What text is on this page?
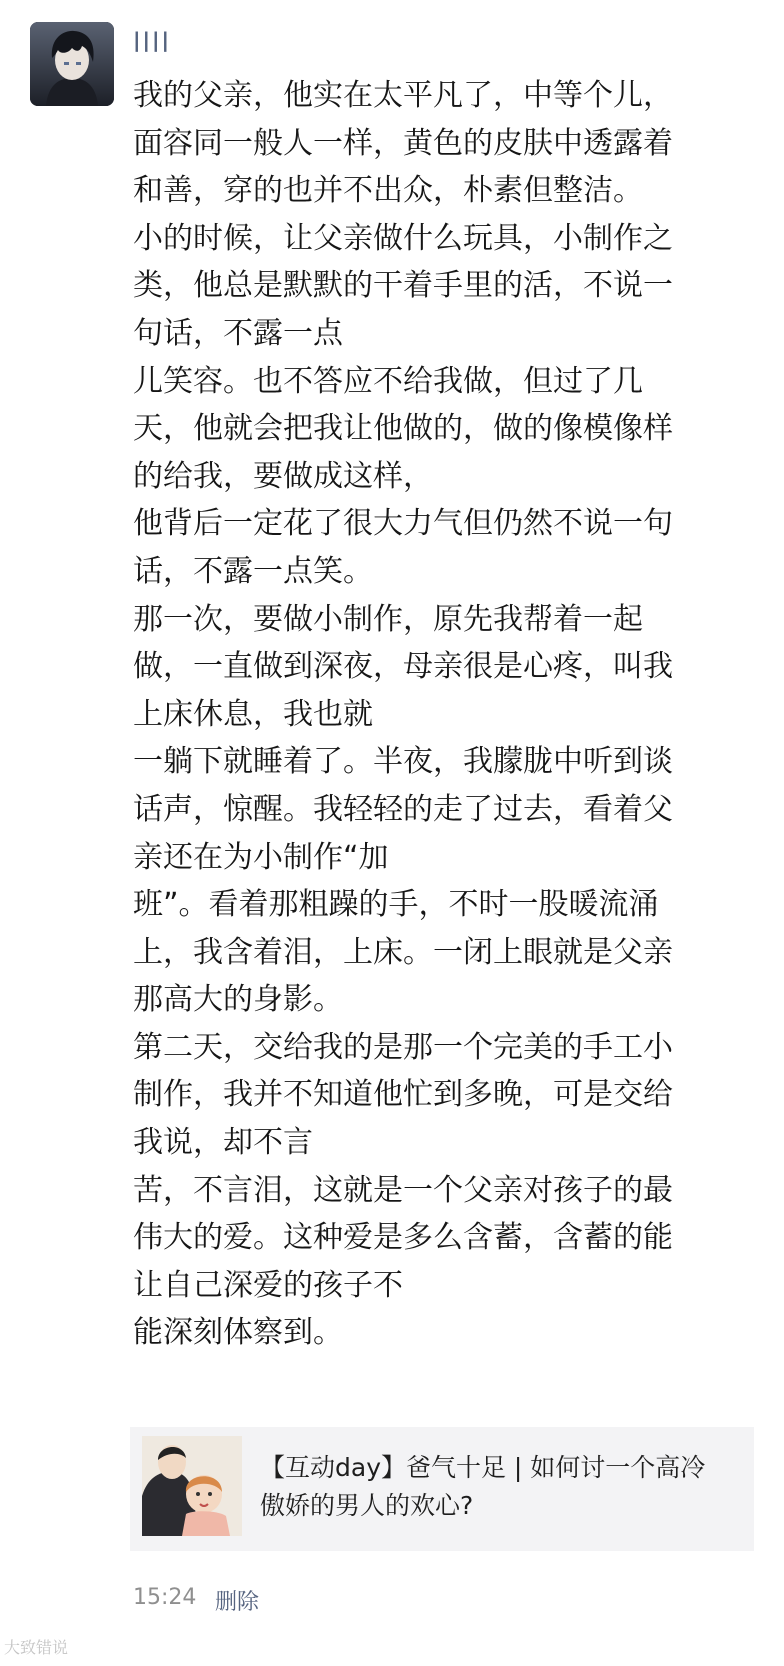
llll
我的父亲，他实在太平凡了，中等个儿，
面容同一般人一样，黄色的皮肤中透露着
和善，穿的也并不出众，朴素但整洁。
小的时候，让父亲做什么玩具，小制作之
类，他总是默默的干着手里的活，不说一
句话，不露一点
儿笑容。也不答应不给我做，但过了几
天，他就会把我让他做的，做的像模像样
的给我，要做成这样，
他背后一定花了很大力气但仍然不说一句
话，不露一点笑。
那一次，要做小制作，原先我帮着一起
做，一直做到深夜，母亲很是心疼，叫我
上床休息，我也就
一躺下就睡着了。半夜，我朦胧中听到谈
话声，惊醒。我轻轻的走了过去，看着父
亲还在为小制作“加
班”。看着那粗躁的手，不时一股暖流涌
上，我含着泪，上床。一闭上眼就是父亲
那高大的身影。
第二天，交给我的是那一个完美的手工小
制作，我并不知道他忙到多晚，可是交给
我说，却不言
苦，不言泪，这就是一个父亲对孩子的最
伟大的爱。这种爱是多么含蓄，含蓄的能
让自己深爱的孩子不
能深刻体察到。
【互动day】爸气十足 | 如何讨一个高冷
傲娇的男人的欢心?
15:24 删除
大致错说
